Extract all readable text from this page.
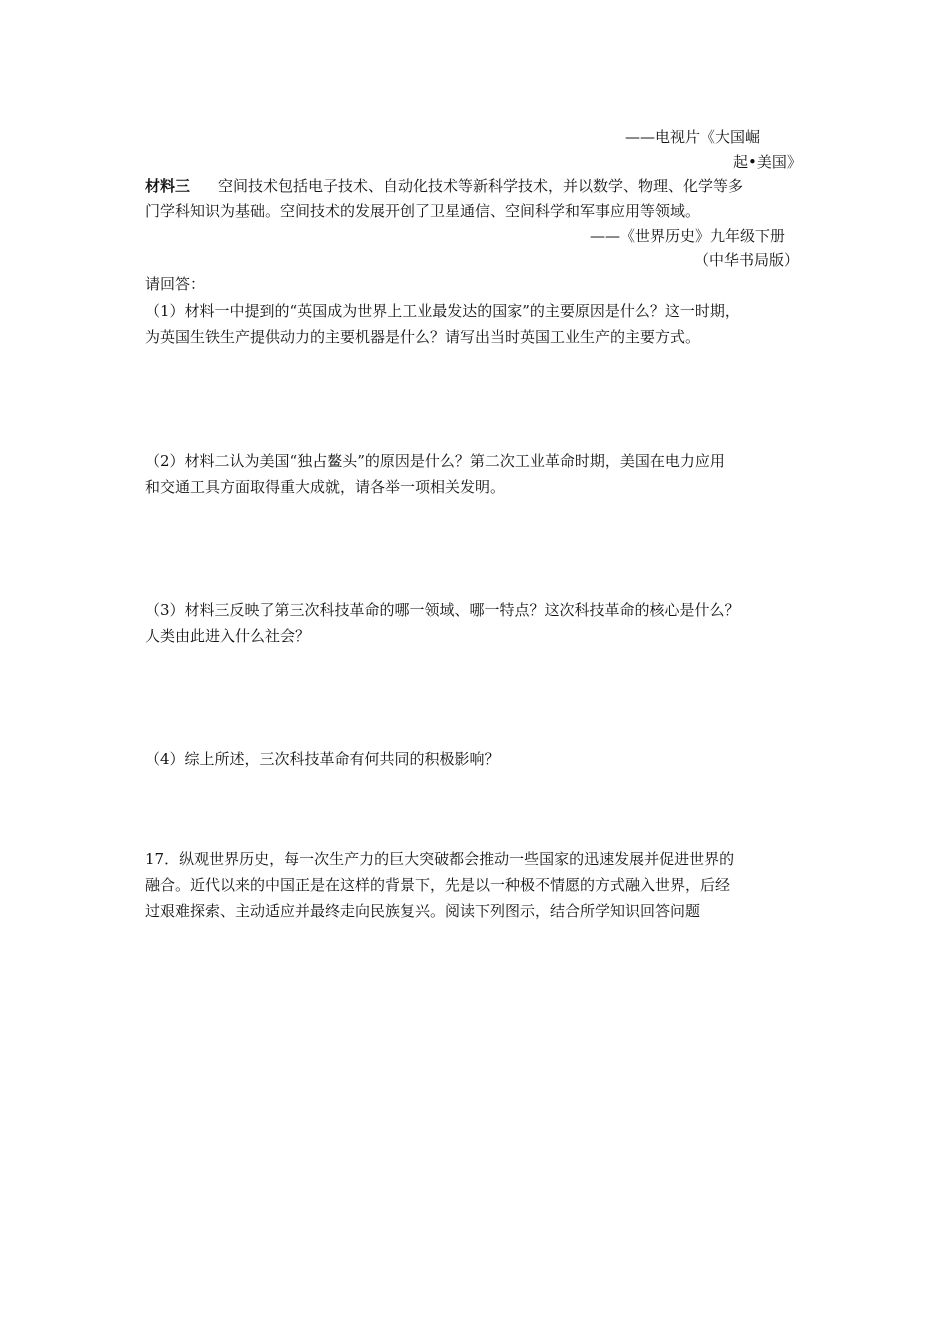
——电视片《大国崛
起•美国》
材料三 空间技术包括电子技术、自动化技术等新科学技术，并以数学、物理、化学等多
门学科知识为基础。空间技术的发展开创了卫星通信、空间科学和军事应用等领域。
——《世界历史》九年级下册
（中华书局版）
请回答：
（1）材料一中提到的“英国成为世界上工业最发达的国家”的主要原因是什么？这一时期，
为英国生铁生产提供动力的主要机器是什么？请写出当时英国工业生产的主要方式。
（2）材料二认为美国“独占鳌头”的原因是什么？第二次工业革命时期，美国在电力应用
和交通工具方面取得重大成就，请各举一项相关发明。
（3）材料三反映了第三次科技革命的哪一领域、哪一特点？这次科技革命的核心是什么？
人类由此进入什么社会？
（4）综上所述，三次科技革命有何共同的积极影响？
17．纵观世界历史，每一次生产力的巨大突破都会推动一些国家的迅速发展并促进世界的
融合。近代以来的中国正是在这样的背景下，先是以一种极不情愿的方式融入世界，后经
过艰难探索、主动适应并最终走向民族复兴。阅读下列图示，结合所学知识回答问题
